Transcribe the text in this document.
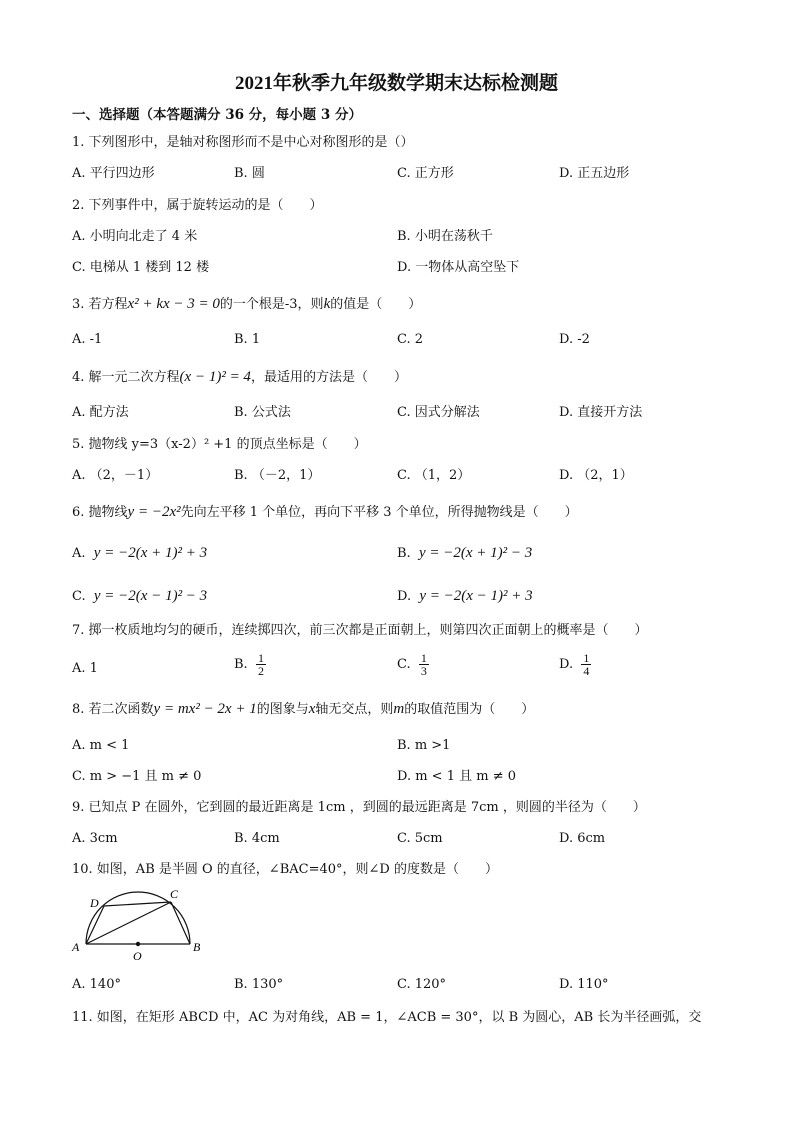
2021年秋季九年级数学期末达标检测题
一、选择题（本答题满分 36 分，每小题 3 分）
1. 下列图形中，是轴对称图形而不是中心对称图形的是（）
A. 平行四边形	B. 圆	C. 正方形	D. 正五边形
2. 下列事件中，属于旋转运动的是（　　）
A. 小明向北走了 4 米	B. 小明在荡秋千
C. 电梯从 1 楼到 12 楼	D. 一物体从高空坠下
3. 若方程x² + kx − 3 = 0的一个根是-3，则k的值是（　　）
A. -1	B. 1	C. 2	D. -2
4. 解一元二次方程(x − 1)² = 4，最适用的方法是（　　）
A. 配方法	B. 公式法	C. 因式分解法	D. 直接开方法
5. 抛物线 y=3（x-2）² +1 的顶点坐标是（　　）
A. （2，－1）	B. （－2，1）	C. （1，2）	D. （2，1）
6. 抛物线y = −2x²先向左平移 1 个单位，再向下平移 3 个单位，所得抛物线是（　　）
A. y = −2(x + 1)² + 3	B. y = −2(x + 1)² − 3
C. y = −2(x − 1)² − 3	D. y = −2(x − 1)² + 3
7. 掷一枚质地均匀的硬币，连续掷四次，前三次都是正面朝上，则第四次正面朝上的概率是（　　）
A. 1	B. $\frac{1}{2}$	C. $\frac{1}{3}$	D. $\frac{1}{4}$
8. 若二次函数y = mx² − 2x + 1的图象与x轴无交点，则m的取值范围为（　　）
A. m < 1	B. m >1
C. m > −1 且 m ≠ 0	D. m < 1 且 m ≠ 0
9. 已知点 P 在圆外，它到圆的最近距离是 1cm ，到圆的最远距离是 7cm ，则圆的半径为（　　）
A. 3cm	B. 4cm	C. 5cm	D. 6cm
10. 如图，AB 是半圆 O 的直径，∠BAC=40°，则∠D 的度数是（　　）
D
C
A
O
B
A. 140°	B. 130°	C. 120°	D. 110°
11. 如图，在矩形 ABCD 中，AC 为对角线，AB = 1，∠ACB = 30°，以 B 为圆心，AB 长为半径画弧，交
